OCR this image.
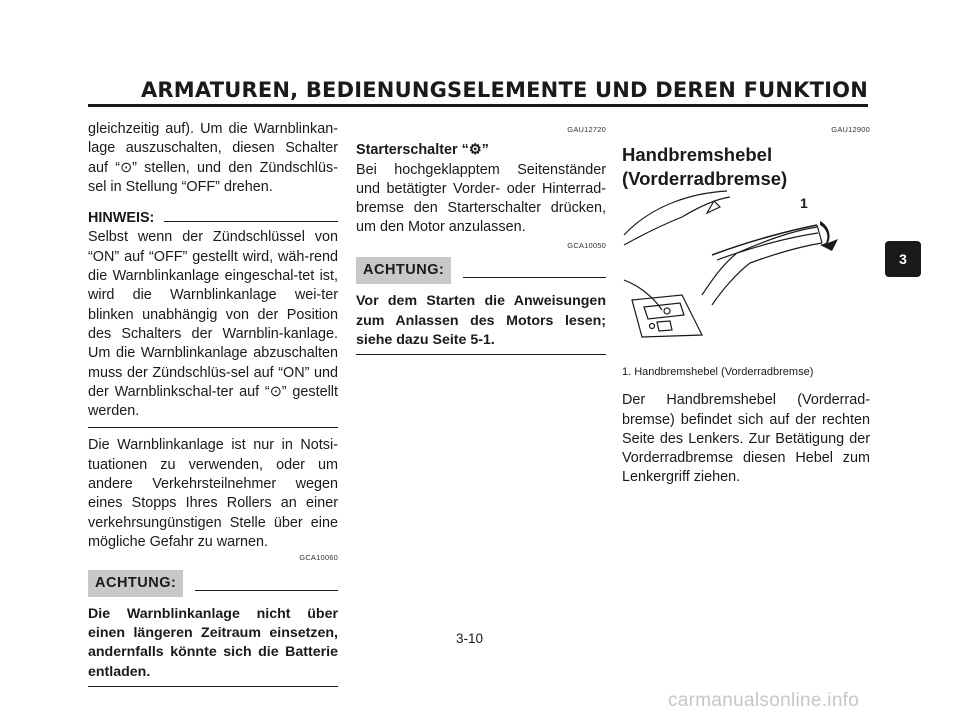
ARMATUREN, BEDIENUNGSELEMENTE UND DEREN FUNKTION

gleichzeitig auf). Um die Warnblinkan-lage auszuschalten, diesen Schalter auf “⊙” stellen, und den Zündschlüs-sel in Stellung “OFF” drehen.

HINWEIS:

Selbst wenn der Zündschlüssel von “ON” auf “OFF” gestellt wird, wäh-rend die Warnblinkanlage eingeschal-tet ist, wird die Warnblinkanlage wei-ter blinken unabhängig von der Position des Schalters der Warnblin-kanlage. Um die Warnblinkanlage abzuschalten muss der Zündschlüs-sel auf “ON” und der Warnblinkschal-ter auf “⊙” gestellt werden.

Die Warnblinkanlage ist nur in Notsi-tuationen zu verwenden, oder um andere Verkehrsteilnehmer wegen eines Stopps Ihres Rollers an einer verkehrsungünstigen Stelle über eine mögliche Gefahr zu warnen.

GCA10060
ACHTUNG:

Die Warnblinkanlage nicht über einen längeren Zeitraum einsetzen, andernfalls könnte sich die Batterie entladen.

GAU12720
Starterschalter “⚙”

Bei hochgeklapptem Seitenständer und betätigter Vorder- oder Hinterrad-bremse den Starterschalter drücken, um den Motor anzulassen.

GCA10050
ACHTUNG:

Vor dem Starten die Anweisungen zum Anlassen des Motors lesen; siehe dazu Seite 5-1.

GAU12900
Handbremshebel (Vorderradbremse)

1. Handbremshebel (Vorderradbremse)

Der Handbremshebel (Vorderrad-bremse) befindet sich auf der rechten Seite des Lenkers. Zur Betätigung der Vorderradbremse diesen Hebel zum Lenkergriff ziehen.

1
3
3-10
carmanualsonline.info
